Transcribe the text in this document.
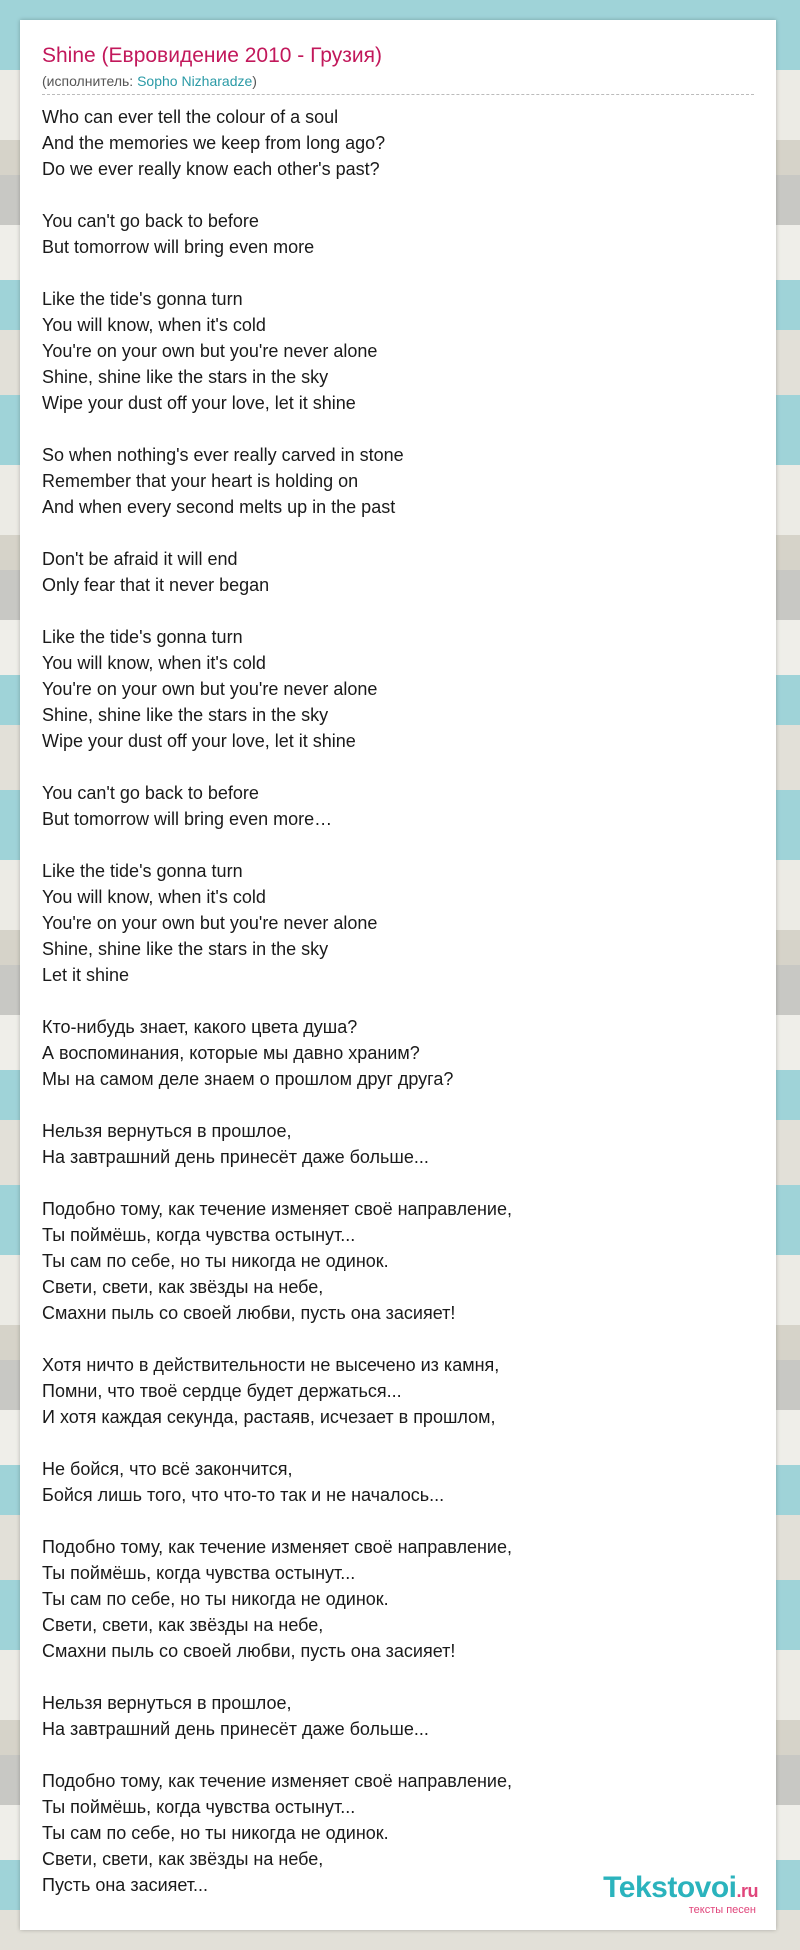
Shine (Евровидение 2010 - Грузия)
(исполнитель: Sopho Nizharadze)
Who can ever tell the colour of a soul
And the memories we keep from long ago?
Do we ever really know each other's past?
You can't go back to before
But tomorrow will bring even more
Like the tide's gonna turn
You will know, when it's cold
You're on your own but you're never alone
Shine, shine like the stars in the sky
Wipe your dust off your love, let it shine
So when nothing's ever really carved in stone
Remember that your heart is holding on
And when every second melts up in the past
Don't be afraid it will end
Only fear that it never began
Like the tide's gonna turn
You will know, when it's cold
You're on your own but you're never alone
Shine, shine like the stars in the sky
Wipe your dust off your love, let it shine
You can't go back to before
But tomorrow will bring even more…
Like the tide's gonna turn
You will know, when it's cold
You're on your own but you're never alone
Shine, shine like the stars in the sky
Let it shine
Кто-нибудь знает, какого цвета душа?
А воспоминания, которые мы давно храним?
Мы на самом деле знаем о прошлом друг друга?
Нельзя вернуться в прошлое,
На завтрашний день принесёт даже больше...
Подобно тому, как течение изменяет своё направление,
Ты поймёшь, когда чувства остынут...
Ты сам по себе, но ты никогда не одинок.
Свети, свети, как звёзды на небе,
Смахни пыль со своей любви, пусть она засияет!
Хотя ничто в действительности не высечено из камня,
Помни, что твоё сердце будет держаться...
И хотя каждая секунда, растаяв, исчезает в прошлом,
Не бойся, что всё закончится,
Бойся лишь того, что что-то так и не началось...
Подобно тому, как течение изменяет своё направление,
Ты поймёшь, когда чувства остынут...
Ты сам по себе, но ты никогда не одинок.
Свети, свети, как звёзды на небе,
Смахни пыль со своей любви, пусть она засияет!
Нельзя вернуться в прошлое,
На завтрашний день принесёт даже больше...
Подобно тому, как течение изменяет своё направление,
Ты поймёшь, когда чувства остынут...
Ты сам по себе, но ты никогда не одинок.
Свети, свети, как звёзды на небе,
Пусть она засияет...	Tekstovoi.ru
тексты песен
